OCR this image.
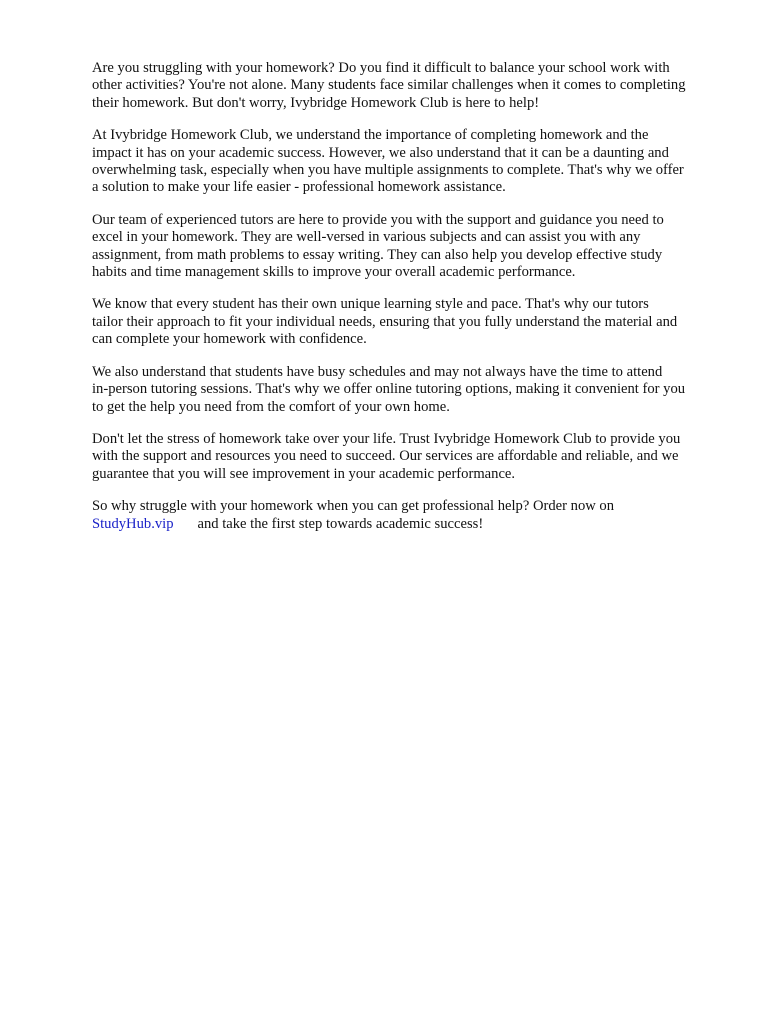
Are you struggling with your homework? Do you find it difficult to balance your school work with
other activities? You're not alone. Many students face similar challenges when it comes to completing
their homework. But don't worry, Ivybridge Homework Club is here to help!

At Ivybridge Homework Club, we understand the importance of completing homework and the
impact it has on your academic success. However, we also understand that it can be a daunting and
overwhelming task, especially when you have multiple assignments to complete. That's why we offer
a solution to make your life easier - professional homework assistance.

Our team of experienced tutors are here to provide you with the support and guidance you need to
excel in your homework. They are well-versed in various subjects and can assist you with any
assignment, from math problems to essay writing. They can also help you develop effective study
habits and time management skills to improve your overall academic performance.

We know that every student has their own unique learning style and pace. That's why our tutors
tailor their approach to fit your individual needs, ensuring that you fully understand the material and
can complete your homework with confidence.

We also understand that students have busy schedules and may not always have the time to attend
in-person tutoring sessions. That's why we offer online tutoring options, making it convenient for you
to get the help you need from the comfort of your own home.

Don't let the stress of homework take over your life. Trust Ivybridge Homework Club to provide you
with the support and resources you need to succeed. Our services are affordable and reliable, and we
guarantee that you will see improvement in your academic performance.

So why struggle with your homework when you can get professional help? Order now on
StudyHub.vip and take the first step towards academic success!
